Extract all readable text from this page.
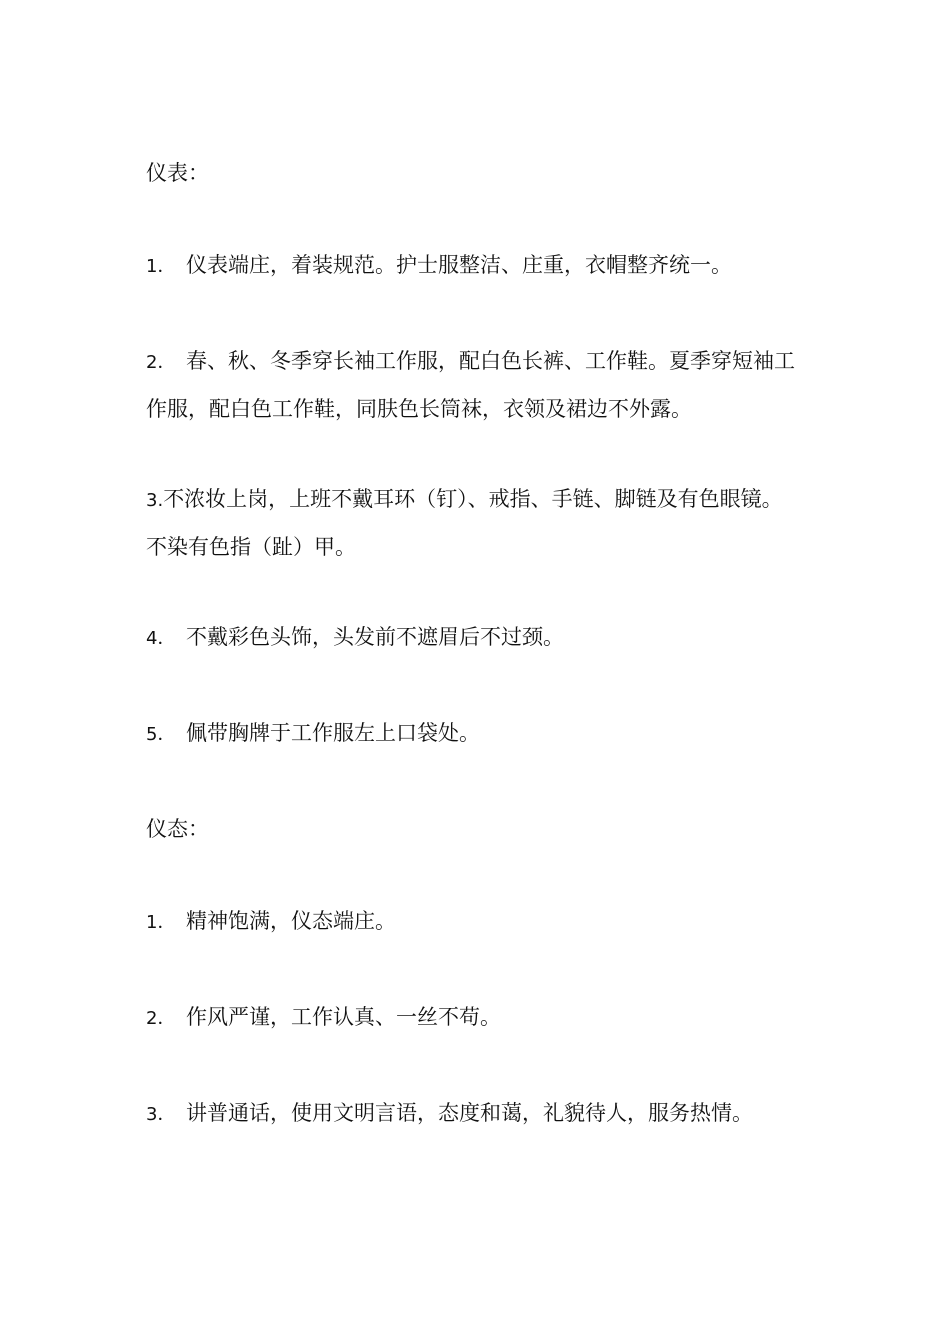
仪表：

1． 仪表端庄，着装规范。护士服整洁、庄重，衣帽整齐统一。

2． 春、秋、冬季穿长袖工作服，配白色长裤、工作鞋。夏季穿短袖工作服，配白色工作鞋，同肤色长筒袜，衣领及裙边不外露。

3.不浓妆上岗，上班不戴耳环（钉）、戒指、手链、脚链及有色眼镜。不染有色指（趾）甲。

4． 不戴彩色头饰，头发前不遮眉后不过颈。

5． 佩带胸牌于工作服左上口袋处。

仪态：

1． 精神饱满，仪态端庄。

2． 作风严谨，工作认真、一丝不苟。

3． 讲普通话，使用文明言语，态度和蔼，礼貌待人，服务热情。
